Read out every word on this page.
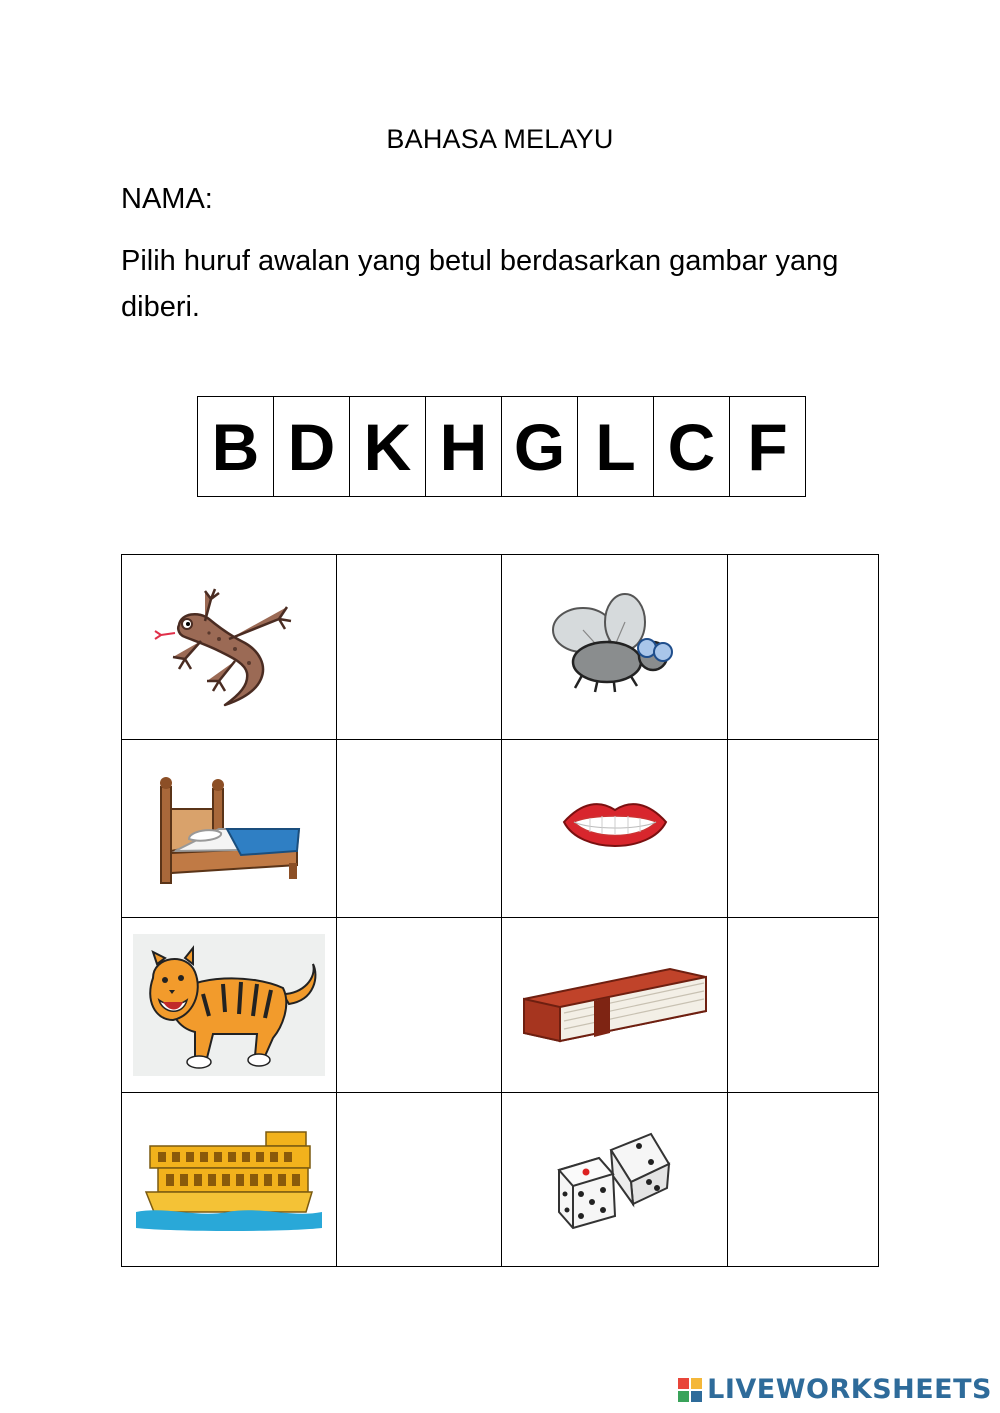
BAHASA MELAYU
NAMA:
Pilih huruf awalan yang betul berdasarkan gambar yang diberi.
B D K H G L C F

LIVEWORKSHEETS
